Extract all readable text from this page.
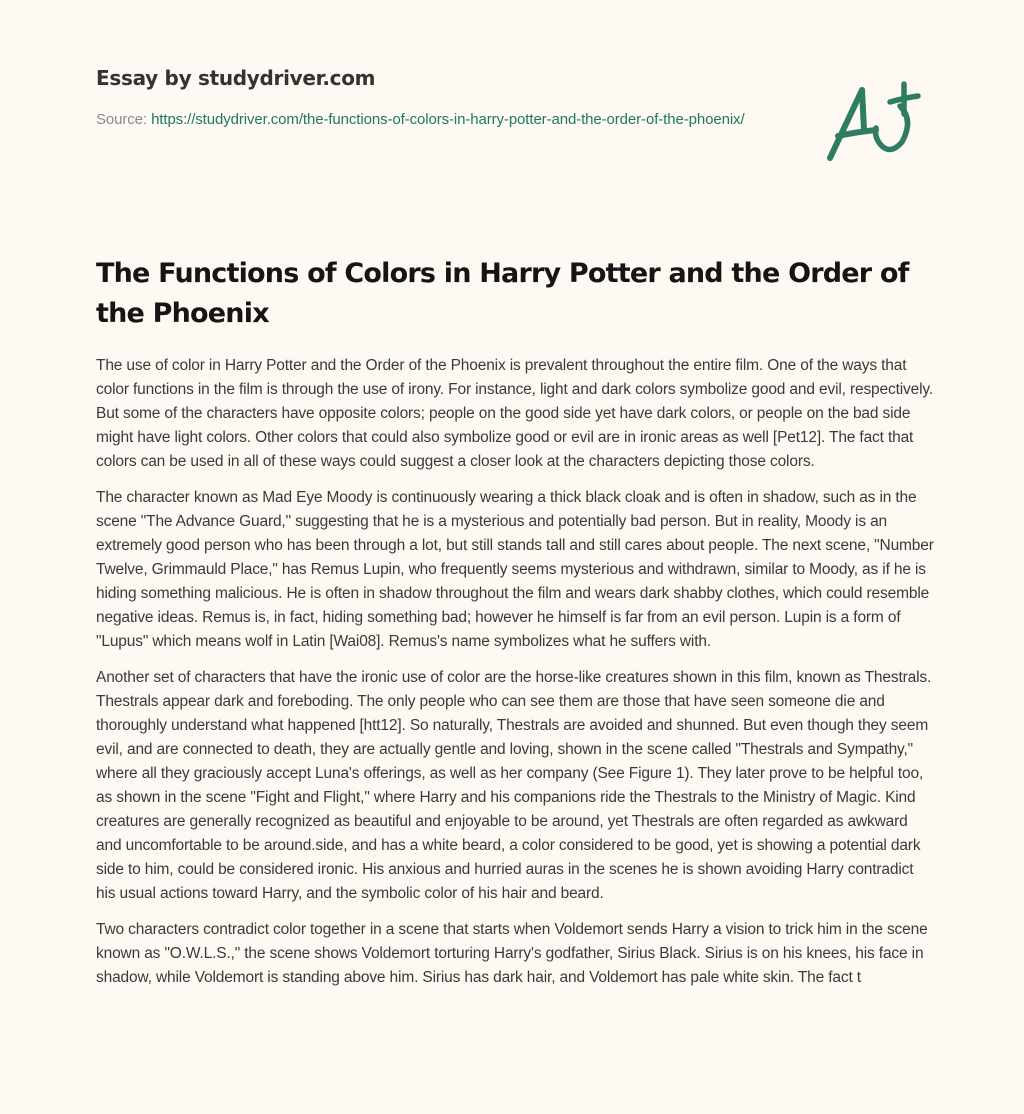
Essay by studydriver.com
Source: https://studydriver.com/the-functions-of-colors-in-harry-potter-and-the-order-of-the-phoenix/
The Functions of Colors in Harry Potter and the Order of the Phoenix

The use of color in Harry Potter and the Order of the Phoenix is prevalent throughout the entire film. One of the ways that color functions in the film is through the use of irony. For instance, light and dark colors symbolize good and evil, respectively. But some of the characters have opposite colors; people on the good side yet have dark colors, or people on the bad side might have light colors. Other colors that could also symbolize good or evil are in ironic areas as well [Pet12]. The fact that colors can be used in all of these ways could suggest a closer look at the characters depicting those colors.

The character known as Mad Eye Moody is continuously wearing a thick black cloak and is often in shadow, such as in the scene "The Advance Guard," suggesting that he is a mysterious and potentially bad person. But in reality, Moody is an extremely good person who has been through a lot, but still stands tall and still cares about people. The next scene, "Number Twelve, Grimmauld Place," has Remus Lupin, who frequently seems mysterious and withdrawn, similar to Moody, as if he is hiding something malicious. He is often in shadow throughout the film and wears dark shabby clothes, which could resemble negative ideas. Remus is, in fact, hiding something bad; however he himself is far from an evil person. Lupin is a form of "Lupus" which means wolf in Latin [Wai08]. Remus's name symbolizes what he suffers with.

Another set of characters that have the ironic use of color are the horse-like creatures shown in this film, known as Thestrals. Thestrals appear dark and foreboding. The only people who can see them are those that have seen someone die and thoroughly understand what happened [htt12]. So naturally, Thestrals are avoided and shunned. But even though they seem evil, and are connected to death, they are actually gentle and loving, shown in the scene called "Thestrals and Sympathy," where all they graciously accept Luna's offerings, as well as her company (See Figure 1). They later prove to be helpful too, as shown in the scene "Fight and Flight," where Harry and his companions ride the Thestrals to the Ministry of Magic. Kind creatures are generally recognized as beautiful and enjoyable to be around, yet Thestrals are often regarded as awkward and uncomfortable to be around.side, and has a white beard, a color considered to be good, yet is showing a potential dark side to him, could be considered ironic. His anxious and hurried auras in the scenes he is shown avoiding Harry contradict his usual actions toward Harry, and the symbolic color of his hair and beard.

Two characters contradict color together in a scene that starts when Voldemort sends Harry a vision to trick him in the scene known as "O.W.L.S.," the scene shows Voldemort torturing Harry's godfather, Sirius Black. Sirius is on his knees, his face in shadow, while Voldemort is standing above him. Sirius has dark hair, and Voldemort has pale white skin. The fact t
